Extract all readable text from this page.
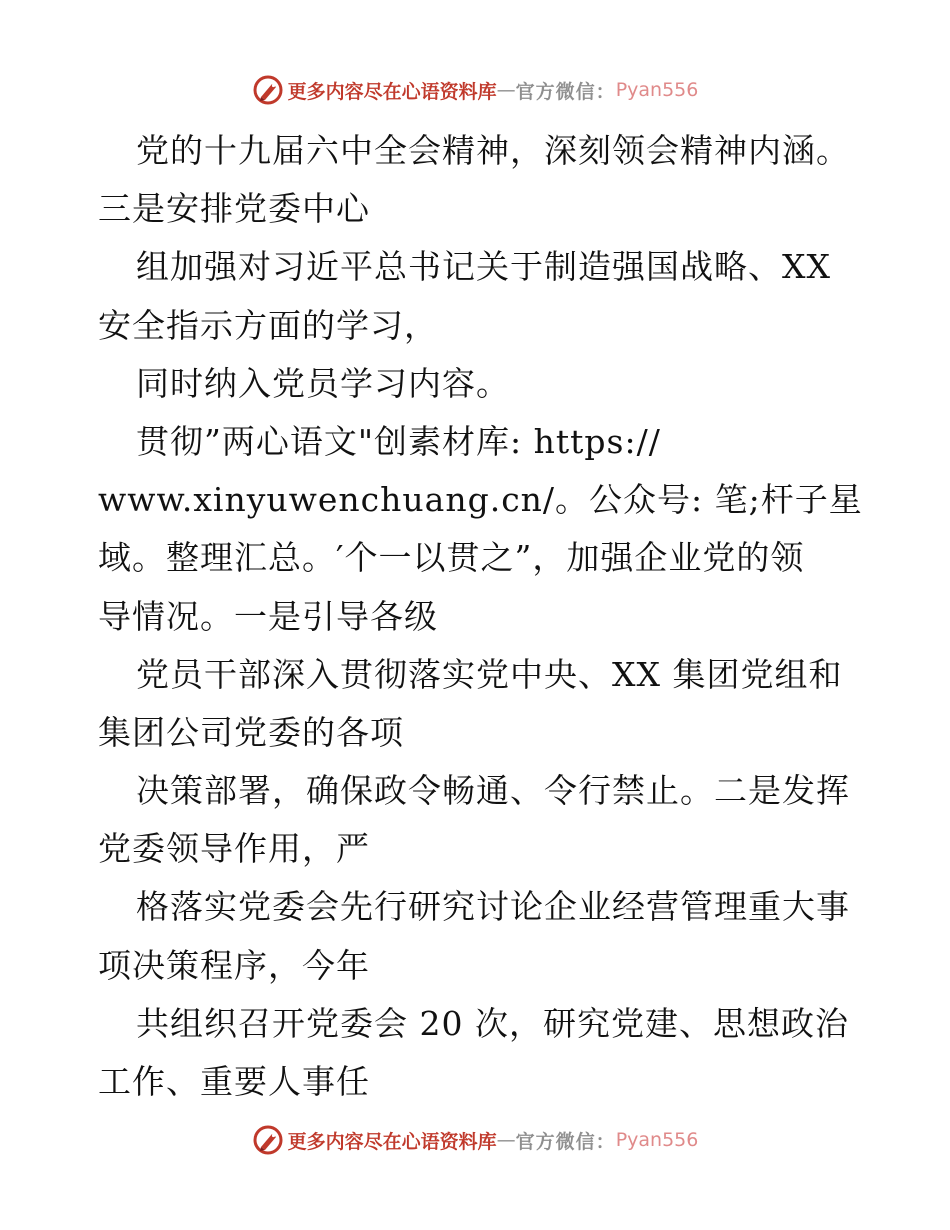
更多内容尽在心语资料库 — 官方微信： Pyan556
党的十九届六中全会精神，深刻领会精神内涵。
三是安排党委中心
组加强对习近平总书记关于制造强国战略、XX
安全指示方面的学习，
同时纳入党员学习内容。
贯彻”两心语文"创素材库: https://
www.xinyuwenchuang.cn/。公众号: 笔;杆子星
域。整理汇总。′个一以贯之”，加强企业党的领
导情况。一是引导各级
党员干部深入贯彻落实党中央、XX 集团党组和
集团公司党委的各项
决策部署，确保政令畅通、令行禁止。二是发挥
党委领导作用，严
格落实党委会先行研究讨论企业经营管理重大事
项决策程序，今年
共组织召开党委会 20 次，研究党建、思想政治
工作、重要人事任
更多内容尽在心语资料库 — 官方微信： Pyan556
